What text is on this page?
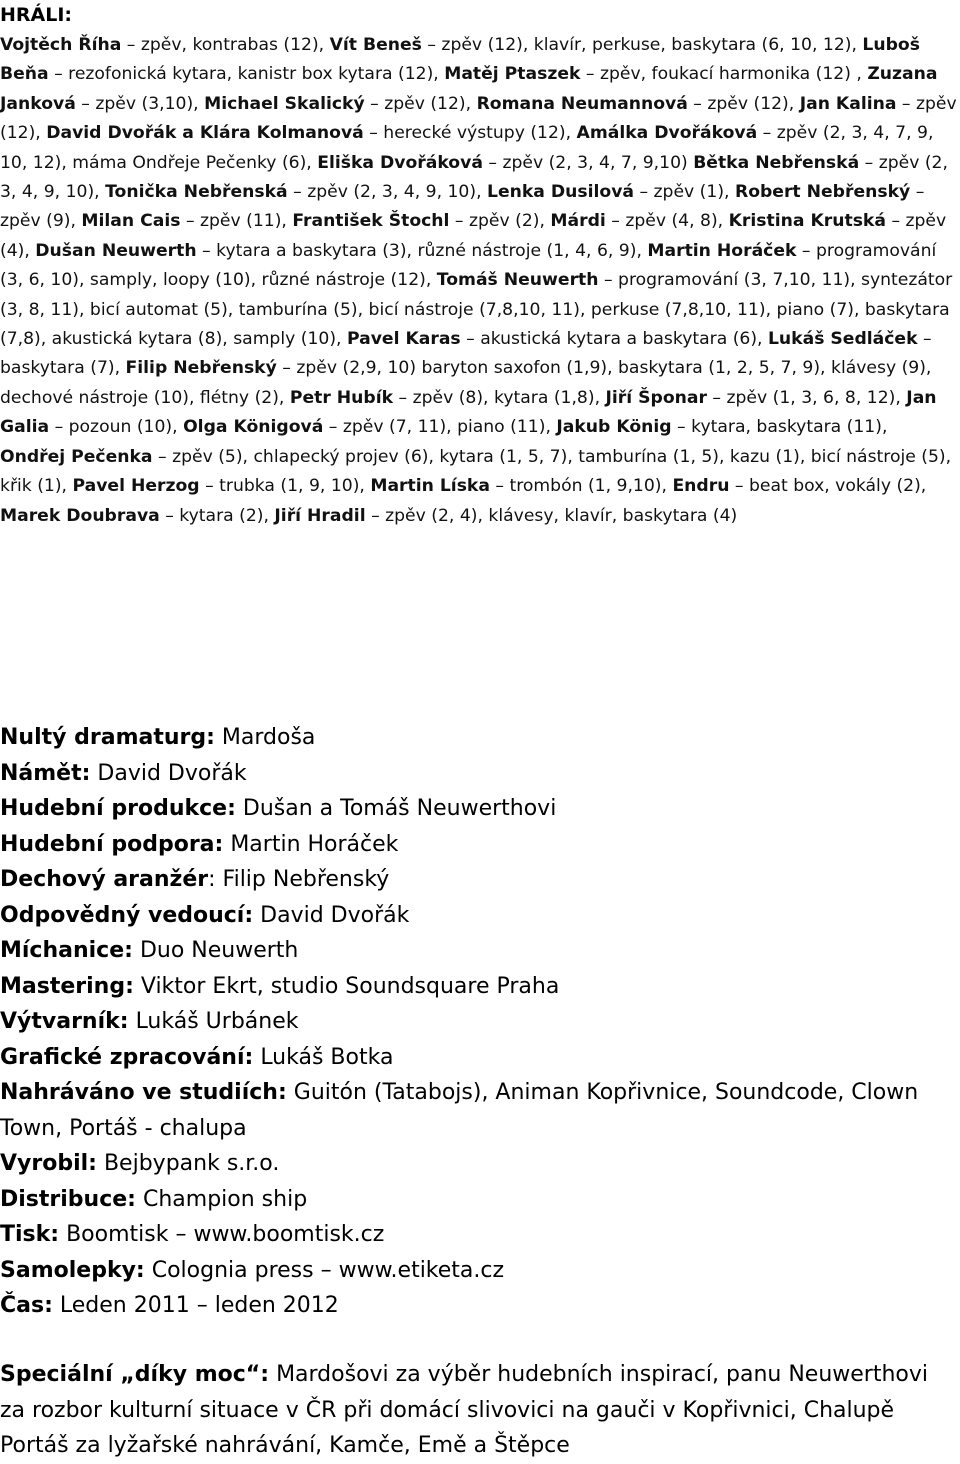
HRÁLI:
Vojtěch Říha – zpěv, kontrabas (12), Vít Beneš – zpěv (12), klavír, perkuse, baskytara (6, 10, 12), Luboš Beňa – rezofonická kytara, kanistr box kytara (12), Matěj Ptaszek – zpěv, foukací harmonika (12) , Zuzana Janková – zpěv (3,10), Michael Skalický – zpěv (12), Romana Neumannová – zpěv (12), Jan Kalina – zpěv (12), David Dvořák a Klára Kolmanová – herecké výstupy (12), Amálka Dvořáková – zpěv (2, 3, 4, 7, 9, 10, 12), máma Ondřeje Pečenky (6), Eliška Dvořáková – zpěv (2, 3, 4, 7, 9,10) Bětka Nebřenská – zpěv (2, 3, 4, 9, 10), Tonička Nebřenská – zpěv (2, 3, 4, 9, 10), Lenka Dusilová – zpěv (1), Robert Nebřenský – zpěv (9), Milan Cais – zpěv (11), František Štochl – zpěv (2), Márdi – zpěv (4, 8), Kristina Krutská – zpěv (4), Dušan Neuwerth – kytara a baskytara (3), různé nástroje (1, 4, 6, 9), Martin Horáček – programování (3, 6, 10), samply, loopy (10), různé nástroje (12), Tomáš Neuwerth – programování (3, 7,10, 11), syntezátor (3, 8, 11), bicí automat (5), tamburína (5), bicí nástroje (7,8,10, 11), perkuse (7,8,10, 11), piano (7), baskytara (7,8), akustická kytara (8), samply (10), Pavel Karas – akustická kytara a baskytara (6), Lukáš Sedláček – baskytara (7), Filip Nebřenský – zpěv (2,9, 10) baryton saxofon (1,9), baskytara (1, 2, 5, 7, 9), klávesy (9), dechové nástroje (10), flétny (2), Petr Hubík – zpěv (8), kytara (1,8), Jiří Šponar – zpěv (1, 3, 6, 8, 12), Jan Galia – pozoun (10), Olga Königová – zpěv (7, 11), piano (11), Jakub König – kytara, baskytara (11), Ondřej Pečenka – zpěv (5), chlapecký projev (6), kytara (1, 5, 7), tamburína (1, 5), kazu (1), bicí nástroje (5), křik (1), Pavel Herzog – trubka (1, 9, 10), Martin Líska – trombón (1, 9,10), Endru – beat box, vokály (2), Marek Doubrava – kytara (2), Jiří Hradil – zpěv (2, 4), klávesy, klavír, baskytara (4)
Nultý dramaturg: Mardoša
Námět: David Dvořák
Hudební produkce: Dušan a Tomáš Neuwerthovi
Hudební podpora: Martin Horáček
Dechový aranžér: Filip Nebřenský
Odpovědný vedoucí: David Dvořák
Míchanice: Duo Neuwerth
Mastering: Viktor Ekrt, studio Soundsquare Praha
Výtvarník: Lukáš Urbánek
Grafické zpracování: Lukáš Botka
Nahráváno ve studiích: Guitón (Tatabojs), Animan Kopřivnice, Soundcode, Clown Town, Portáš - chalupa
Vyrobil: Bejbypank s.r.o.
Distribuce: Champion ship
Tisk: Boomtisk – www.boomtisk.cz
Samolepky: Colognia press – www.etiketa.cz
Čas: Leden 2011 – leden 2012
Speciální „díky moc“: Mardošovi za výběr hudebních inspirací, panu Neuwerthovi za rozbor kulturní situace v ČR při domácí slivovici na gauči v Kopřivnici, Chalupě Portáš za lyžařské nahrávání, Kamče, Emě a Štěpce
